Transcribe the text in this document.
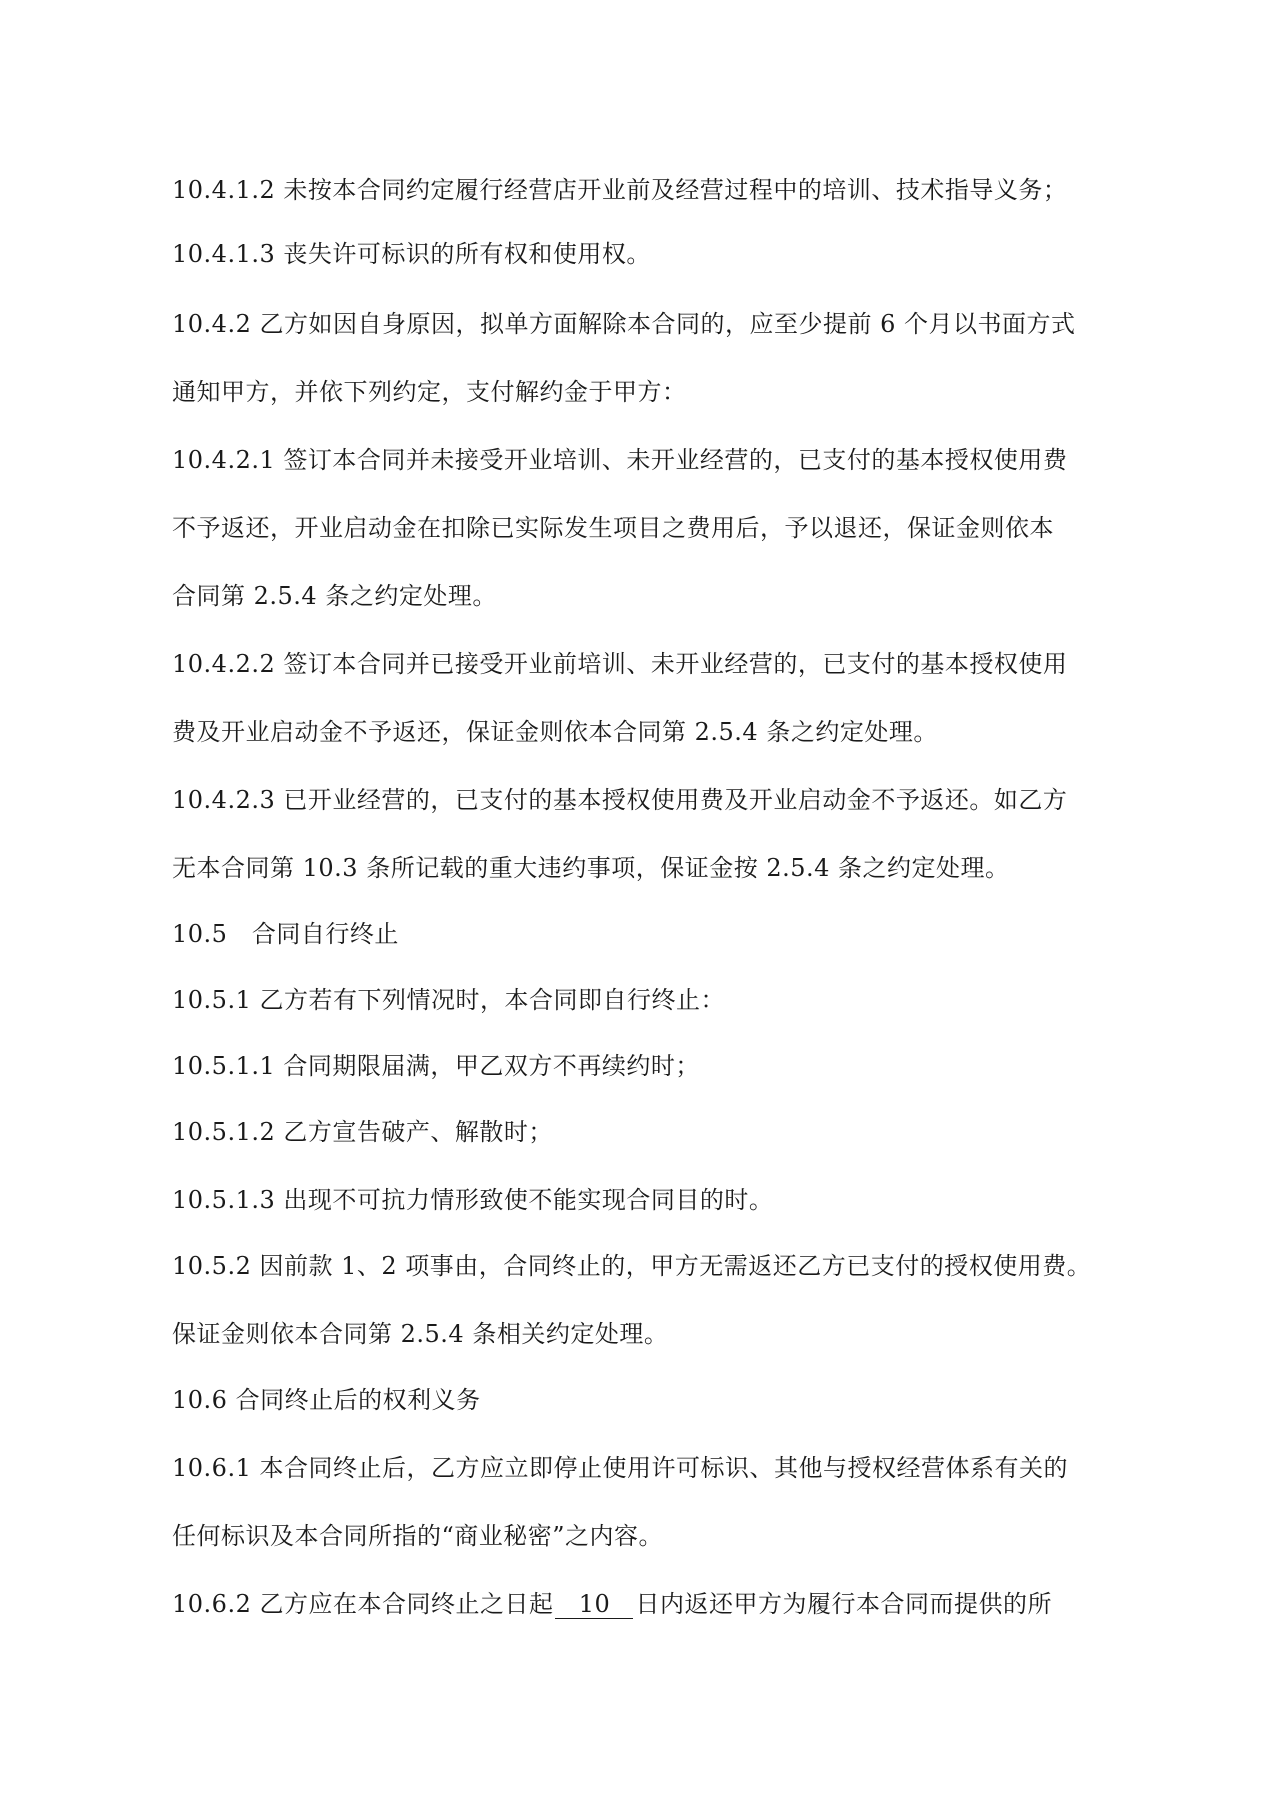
10.4.1.2 未按本合同约定履行经营店开业前及经营过程中的培训、技术指导义务；
10.4.1.3 丧失许可标识的所有权和使用权。
10.4.2 乙方如因自身原因，拟单方面解除本合同的，应至少提前 6 个月以书面方式
通知甲方，并依下列约定，支付解约金于甲方：
10.4.2.1 签订本合同并未接受开业培训、未开业经营的，已支付的基本授权使用费
不予返还，开业启动金在扣除已实际发生项目之费用后，予以退还，保证金则依本
合同第 2.5.4 条之约定处理。
10.4.2.2 签订本合同并已接受开业前培训、未开业经营的，已支付的基本授权使用
费及开业启动金不予返还，保证金则依本合同第 2.5.4 条之约定处理。
10.4.2.3 已开业经营的，已支付的基本授权使用费及开业启动金不予返还。如乙方
无本合同第 10.3 条所记载的重大违约事项，保证金按 2.5.4 条之约定处理。
10.5　合同自行终止
10.5.1 乙方若有下列情况时，本合同即自行终止：
10.5.1.1 合同期限届满，甲乙双方不再续约时；
10.5.1.2 乙方宣告破产、解散时；
10.5.1.3 出现不可抗力情形致使不能实现合同目的时。
10.5.2 因前款 1、2 项事由，合同终止的，甲方无需返还乙方已支付的授权使用费。
保证金则依本合同第 2.5.4 条相关约定处理。
10.6 合同终止后的权利义务
10.6.1 本合同终止后，乙方应立即停止使用许可标识、其他与授权经营体系有关的
任何标识及本合同所指的“商业秘密”之内容。
10.6.2 乙方应在本合同终止之日起 10 日内返还甲方为履行本合同而提供的所
